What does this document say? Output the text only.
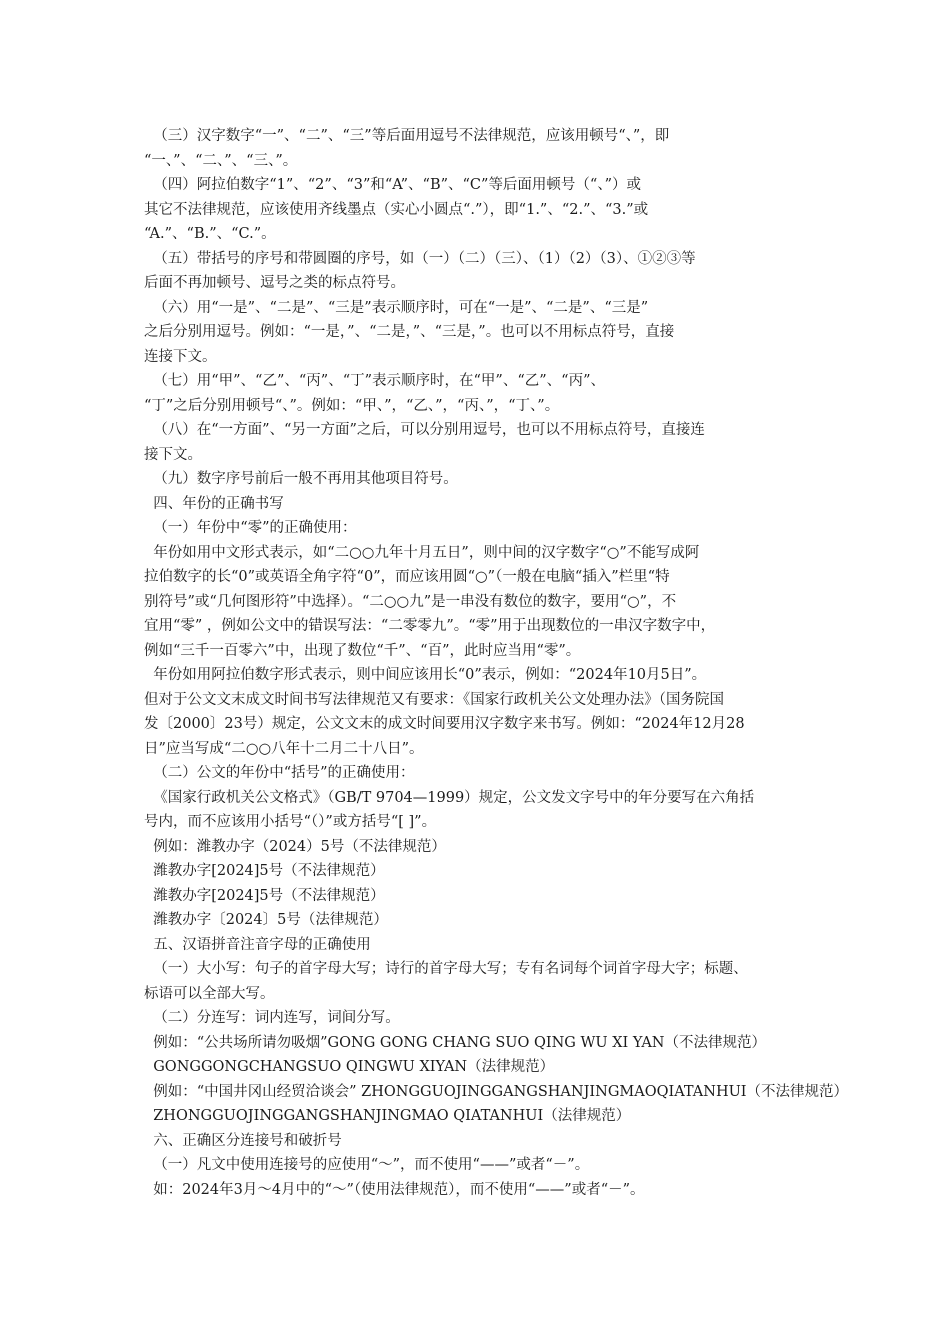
（三）汉字数字“一”、“二”、“三”等后面用逗号不法律规范，应该用顿号“、”，即
“一、”、“二、”、“三、”。
（四）阿拉伯数字“1”、“2”、“3”和“A”、“B”、“C”等后面用顿号（“、”）或
其它不法律规范，应该使用齐线墨点（实心小圆点“.”），即“1.”、“2.”、“3.”或
“A.”、“B.”、“C.”。
（五）带括号的序号和带圆圈的序号，如（一）（二）（三）、（1）（2）（3）、①②③等
后面不再加顿号、逗号之类的标点符号。
（六）用“一是”、“二是”、“三是”表示顺序时，可在“一是”、“二是”、“三是”
之后分别用逗号。例如：“一是，”、“二是，”、“三是，”。也可以不用标点符号，直接
连接下文。
（七）用“甲”、“乙”、“丙”、“丁”表示顺序时，在“甲”、“乙”、“丙”、
“丁”之后分别用顿号“、”。例如：“甲、”，“乙、”，“丙、”，“丁、”。
（八）在“一方面”、“另一方面”之后，可以分别用逗号，也可以不用标点符号，直接连
接下文。
（九）数字序号前后一般不再用其他项目符号。
四、年份的正确书写
（一）年份中“零”的正确使用：
年份如用中文形式表示，如“二○○九年十月五日”，则中间的汉字数字“○”不能写成阿
拉伯数字的长“0”或英语全角字符“0”，而应该用圆“○”（一般在电脑“插入”栏里“特
别符号”或“几何图形符”中选择）。“二○○九”是一串没有数位的数字，要用“○”，不
宜用“零” ，例如公文中的错误写法：“二零零九”。“零”用于出现数位的一串汉字数字中，
例如“三千一百零六”中，出现了数位“千”、“百”，此时应当用“零”。
年份如用阿拉伯数字形式表示，则中间应该用长“0”表示，例如：“2024年10月5日”。
但对于公文文末成文时间书写法律规范又有要求：《国家行政机关公文处理办法》（国务院国
发〔2000〕23号）规定，公文文末的成文时间要用汉字数字来书写。例如：“2024年12月28
日”应当写成“二○○八年十二月二十八日”。
（二）公文的年份中“括号”的正确使用：
《国家行政机关公文格式》（GB/T 9704—1999）规定，公文发文字号中的年分要写在六角括
号内，而不应该用小括号“（）”或方括号“[ ]”。
例如：潍教办字（2024）5号（不法律规范）
潍教办字[2024]5号（不法律规范）
潍教办字[2024]5号（不法律规范）
潍教办字〔2024〕5号（法律规范）
五、汉语拼音注音字母的正确使用
（一）大小写：句子的首字母大写；诗行的首字母大写；专有名词每个词首字母大字；标题、
标语可以全部大写。
（二）分连写：词内连写，词间分写。
例如：“公共场所请勿吸烟”GONG GONG CHANG SUO QING WU XI YAN（不法律规范）
GONGGONGCHANGSUO QINGWU XIYAN（法律规范）
例如：“中国井冈山经贸洽谈会” ZHONGGUOJINGGANGSHANJINGMAOQIATANHUI（不法律规范）
ZHONGGUOJINGGANGSHANJINGMAO QIATANHUI（法律规范）
六、正确区分连接号和破折号
（一）凡文中使用连接号的应使用“～”，而不使用“——”或者“－”。
如：2024年3月～4月中的“～”（使用法律规范），而不使用“——”或者“－”。
